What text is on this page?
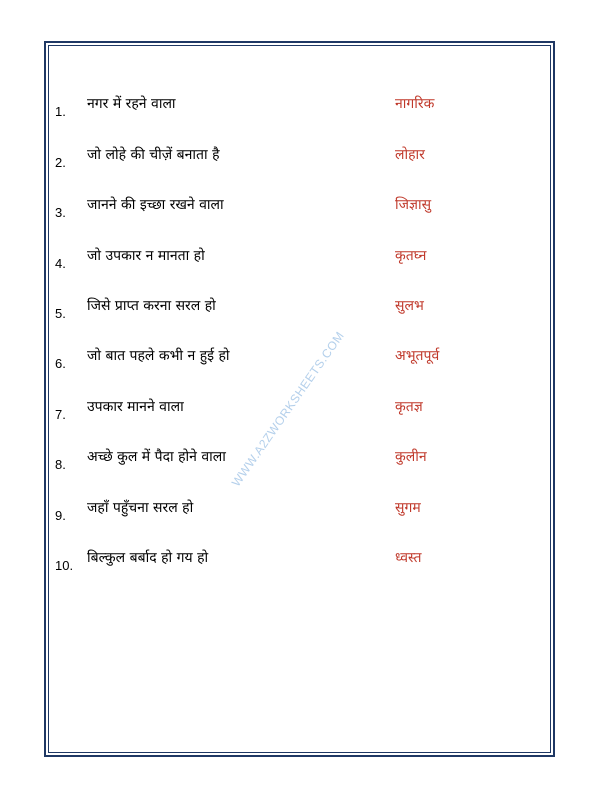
1. नगर में रहने वाला	नागरिक
2. जो लोहे की चीज़ें बनाता है	लोहार
3. जानने की इच्छा रखने वाला	जिज्ञासु
4. जो उपकार न मानता हो	कृतघ्न
5. जिसे प्राप्त करना सरल हो	सुलभ
6. जो बात पहले कभी न हुई हो	अभूतपूर्व
7. उपकार मानने वाला	कृतज्ञ
8. अच्छे कुल में पैदा होने वाला	कुलीन
9. जहाँ पहुँचना सरल हो	सुगम
10. बिल्कुल बर्बाद हो गय हो	ध्वस्त
WWW.A2ZWORKSHEETS.COM
